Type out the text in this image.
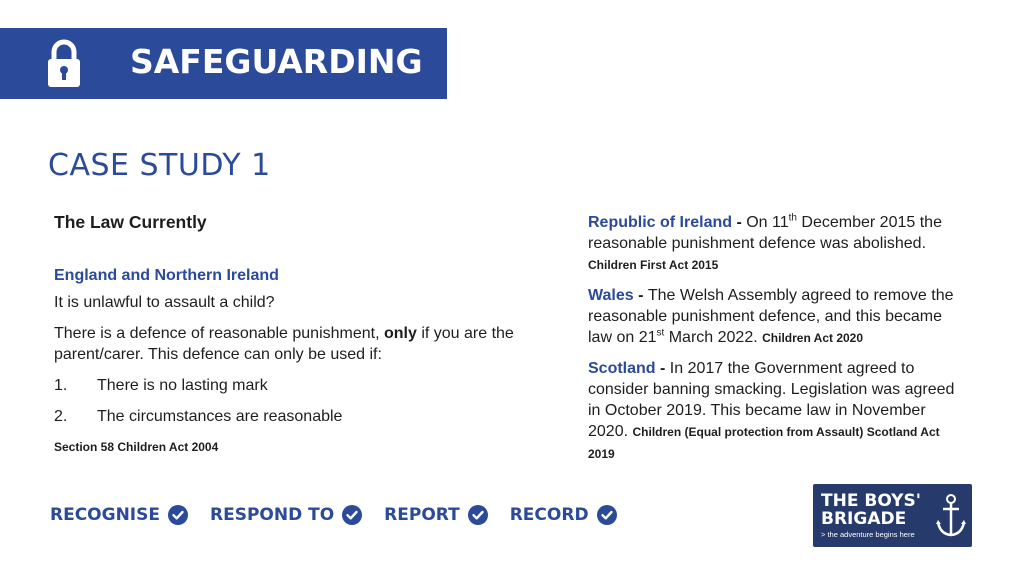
SAFEGUARDING
CASE STUDY 1
The Law Currently
England and Northern Ireland

It is unlawful to assault a child?

There is a defence of reasonable punishment, only if you are the parent/carer. This defence can only be used if:

1.	There is no lasting mark
2.	The circumstances are reasonable
Section 58 Children Act 2004
Republic of Ireland - On 11th December 2015 the reasonable punishment defence was abolished. Children First Act 2015
Wales - The Welsh Assembly agreed to remove the reasonable punishment defence, and this became law on 21st March 2022. Children Act 2020
Scotland - In 2017 the Government agreed to consider banning smacking. Legislation was agreed in October 2019. This became law in November 2020. Children (Equal protection from Assault) Scotland Act 2019
RECOGNISE	RESPOND TO	REPORT	RECORD
THE BOYS'
BRIGADE
> the adventure begins here
